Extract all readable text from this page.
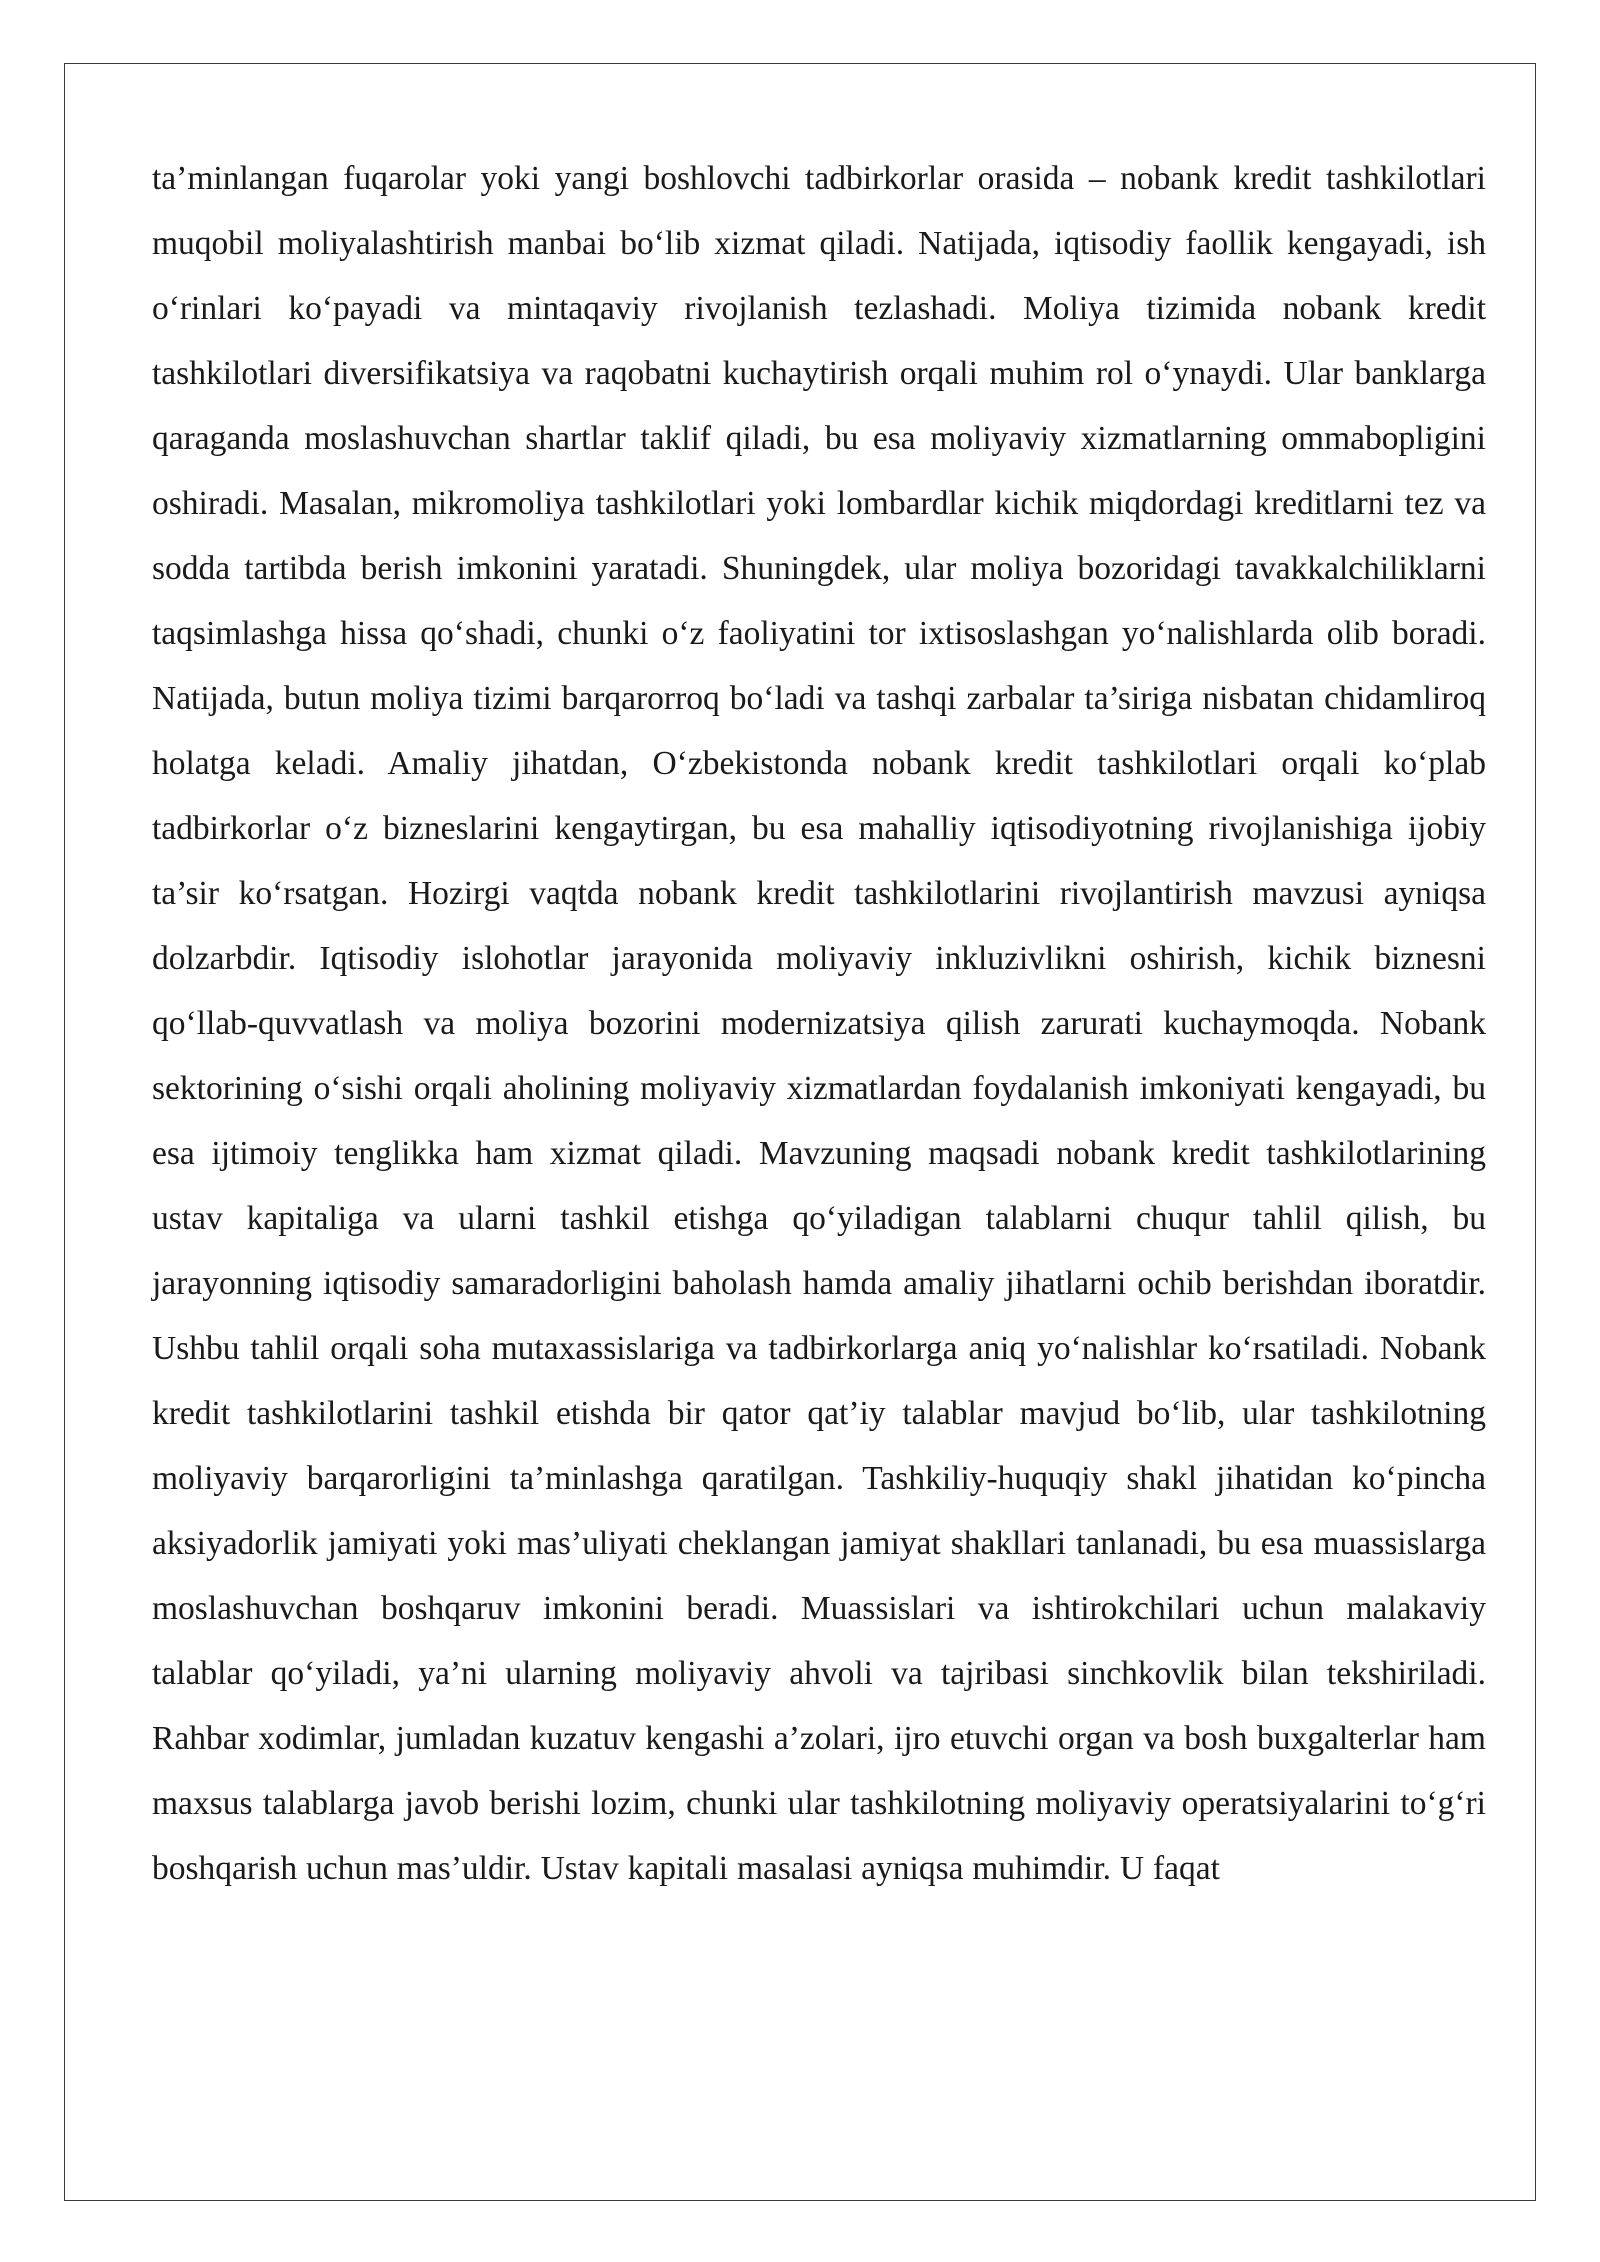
ta’minlangan fuqarolar yoki yangi boshlovchi tadbirkorlar orasida – nobank kredit tashkilotlari muqobil moliyalashtirish manbai bo‘lib xizmat qiladi. Natijada, iqtisodiy faollik kengayadi, ish o‘rinlari ko‘payadi va mintaqaviy rivojlanish tezlashadi. Moliya tizimida nobank kredit tashkilotlari diversifikatsiya va raqobatni kuchaytirish orqali muhim rol o‘ynaydi. Ular banklarga qaraganda moslashuvchan shartlar taklif qiladi, bu esa moliyaviy xizmatlarning ommabopligini oshiradi. Masalan, mikromoliya tashkilotlari yoki lombardlar kichik miqdordagi kreditlarni tez va sodda tartibda berish imkonini yaratadi. Shuningdek, ular moliya bozoridagi tavakkalchiliklarni taqsimlashga hissa qo‘shadi, chunki o‘z faoliyatini tor ixtisoslashgan yo‘nalishlarda olib boradi. Natijada, butun moliya tizimi barqarorroq bo‘ladi va tashqi zarbalar ta’siriga nisbatan chidamliroq holatga keladi. Amaliy jihatdan, O‘zbekistonda nobank kredit tashkilotlari orqali ko‘plab tadbirkorlar o‘z bizneslarini kengaytirgan, bu esa mahalliy iqtisodiyotning rivojlanishiga ijobiy ta’sir ko‘rsatgan. Hozirgi vaqtda nobank kredit tashkilotlarini rivojlantirish mavzusi ayniqsa dolzarbdir. Iqtisodiy islohotlar jarayonida moliyaviy inkluzivlikni oshirish, kichik biznesni qo‘llab-quvvatlash va moliya bozorini modernizatsiya qilish zarurati kuchaymoqda. Nobank sektorining o‘sishi orqali aholining moliyaviy xizmatlardan foydalanish imkoniyati kengayadi, bu esa ijtimoiy tenglikka ham xizmat qiladi. Mavzuning maqsadi nobank kredit tashkilotlarining ustav kapitaliga va ularni tashkil etishga qo‘yiladigan talablarni chuqur tahlil qilish, bu jarayonning iqtisodiy samaradorligini baholash hamda amaliy jihatlarni ochib berishdan iboratdir. Ushbu tahlil orqali soha mutaxassislariga va tadbirkorlarga aniq yo‘nalishlar ko‘rsatiladi. Nobank kredit tashkilotlarini tashkil etishda bir qator qat’iy talablar mavjud bo‘lib, ular tashkilotning moliyaviy barqarorligini ta’minlashga qaratilgan. Tashkiliy-huquqiy shakl jihatidan ko‘pincha aksiyadorlik jamiyati yoki mas’uliyati cheklangan jamiyat shakllari tanlanadi, bu esa muassislarga moslashuvchan boshqaruv imkonini beradi. Muassislari va ishtirokchilari uchun malakaviy talablar qo‘yiladi, ya’ni ularning moliyaviy ahvoli va tajribasi sinchkovlik bilan tekshiriladi. Rahbar xodimlar, jumladan kuzatuv kengashi a’zolari, ijro etuvchi organ va bosh buxgalterlar ham maxsus talablarga javob berishi lozim, chunki ular tashkilotning moliyaviy operatsiyalarini to‘g‘ri boshqarish uchun mas’uldir. Ustav kapitali masalasi ayniqsa muhimdir. U faqat
